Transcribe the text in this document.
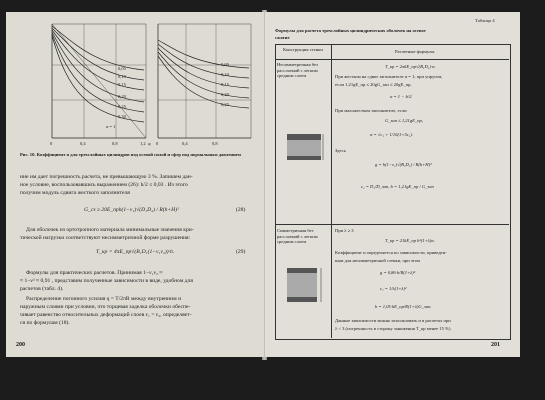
0,05
0,10
0,15
0,20
0,25
0,30
α = 1
0,05
0,10
0,15
0,20
0,25
0	0,4	0,8	1,2 0	0,4	0,8
φ
Рис. 10. Коэффициент α для трехслойных цилиндров под осевой силой и сфер под нормальным давлением
ние им дает погрешность расчета, не превышающую 3 %. Запишем дан-
ное условие, воспользовавшись выражением (26): h/2 ≤ 0,03 . Из этого
получим модуль сдвига жесткого заполнителя
G_сз ≥ 20E_прh(1−ν₁)√(D₁D₂) / R(h+H)²	(28)
Для оболочек из ортотропного материала минимальные значения кри-
тической нагрузки соответствуют несимметричной форме разрушения:
T_кр = 4πE_пр√(B₁D₁(1−ν₁ν₂))·h.	(29)
Формулы для практических расчетов. Принимая 1−ν₁ν₂ ≈
≈ 1−ν² ≈ 0,91 , представим полученные зависимости в виде, удобном для
расчетов (табл. 4).
Распределение погонного усилия q = T/2πR между внутренним и
наружным слоями при условии, что торцевая заделка оболочки обеспе-
чивает равенство относительных деформаций слоев ε₁ = ε₂, определяет-
ся по формулам (18).
200
Таблица 4
Формулы для расчета трехслойных цилиндрических оболочек на осевое
сжатие
Конструкция стенки	Расчетные формулы
Несимметричная без расслоений с легким средним слоем
T_кр = 2πkE_пр√(B₁D₁)·α.
При жестком на сдвиг заполнителе α = 1; при упругом,
если 1,21gE_пр ≤ 20gG_зап ≤ 20gE_пр,
α = 1 − b/2.
При маложестком заполнителе, если
G_зап ≤ 1,21gE_пр,
α = √c₁ + 1/16(1+5c₁).
Здесь
g = h(1−ν₁)√(B₁D₁) / R(h+H)²
c₁ = D₁/D_зап, b = 1,21gE_пр / G_зап
Симметричная без расслоений с легким средним слоем
При λ ≥ 3
T_кр = 21kE_пр h²(1+λ)α.
Коэффициент α определяется по зависимости, приведен-
ным для несимметричной стенки, при этом
g = 0,86·h/R(1+λ)²
c₁ = 1/λ(1+λ)²
b = 1,05·hE_пр/R(1+λ)G_зап.
Данные зависимости можно использовать и в расчетах при
λ < 3 (погрешность в сторону занижения T_кр менее 15 %)
201
